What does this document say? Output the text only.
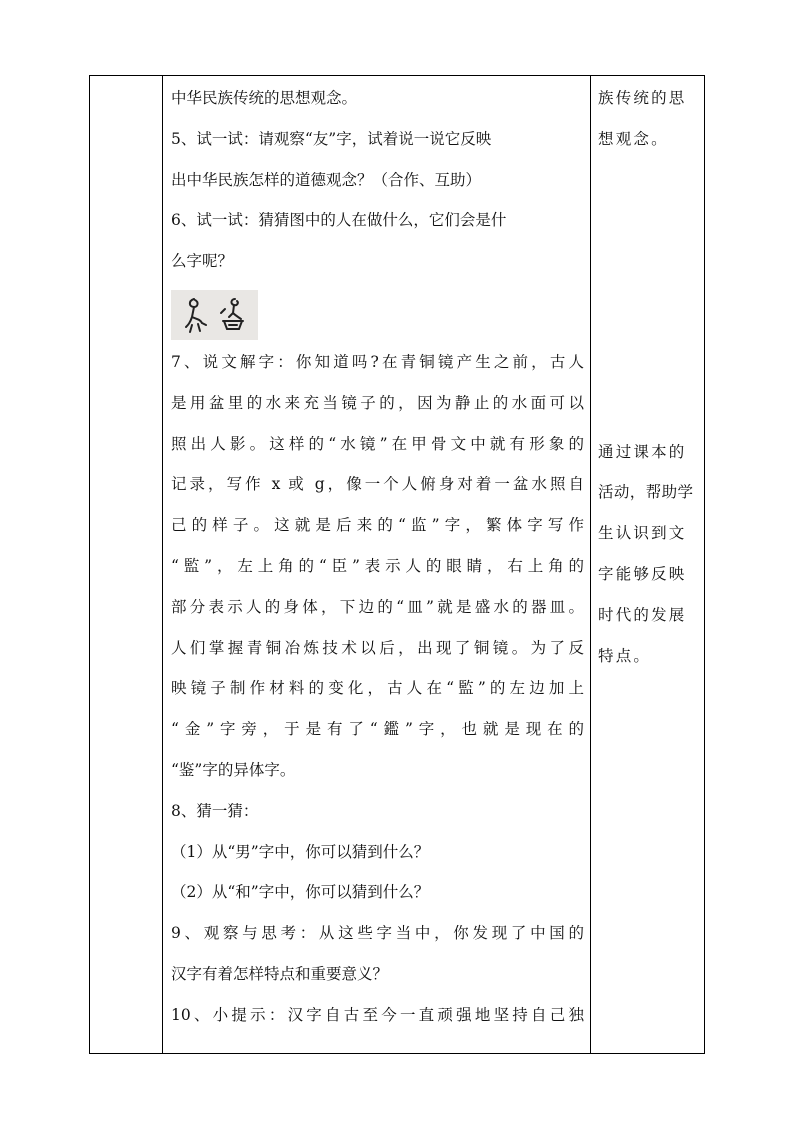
中华民族传统的思想观念。
5、试一试：请观察“友”字，试着说一说它反映
出中华民族怎样的道德观念？（合作、互助）
6、试一试：猜猜图中的人在做什么，它们会是什
么字呢？
7、说文解字：你知道吗?在青铜镜产生之前，古人
是用盆里的水来充当镜子的，因为静止的水面可以
照出人影。这样的“水镜”在甲骨文中就有形象的
记录，写作 x 或 g，像一个人俯身对着一盆水照自
己的样子。这就是后来的“监”字，繁体字写作
“監”，左上角的“臣”表示人的眼睛，右上角的
部分表示人的身体，下边的“皿”就是盛水的器皿。
人们掌握青铜冶炼技术以后，出现了铜镜。为了反
映镜子制作材料的变化，古人在“監”的左边加上
“金”字旁，于是有了“鑑”字，也就是现在的
“鉴”字的异体字。
8、猜一猜：
（1）从“男”字中，你可以猜到什么？
（2）从“和”字中，你可以猜到什么？
9、观察与思考：从这些字当中，你发现了中国的
汉字有着怎样特点和重要意义？
10、小提示：汉字自古至今一直顽强地坚持自己独
族传统的思
想观念。
通过课本的
活动，帮助学
生认识到文
字能够反映
时代的发展
特点。
